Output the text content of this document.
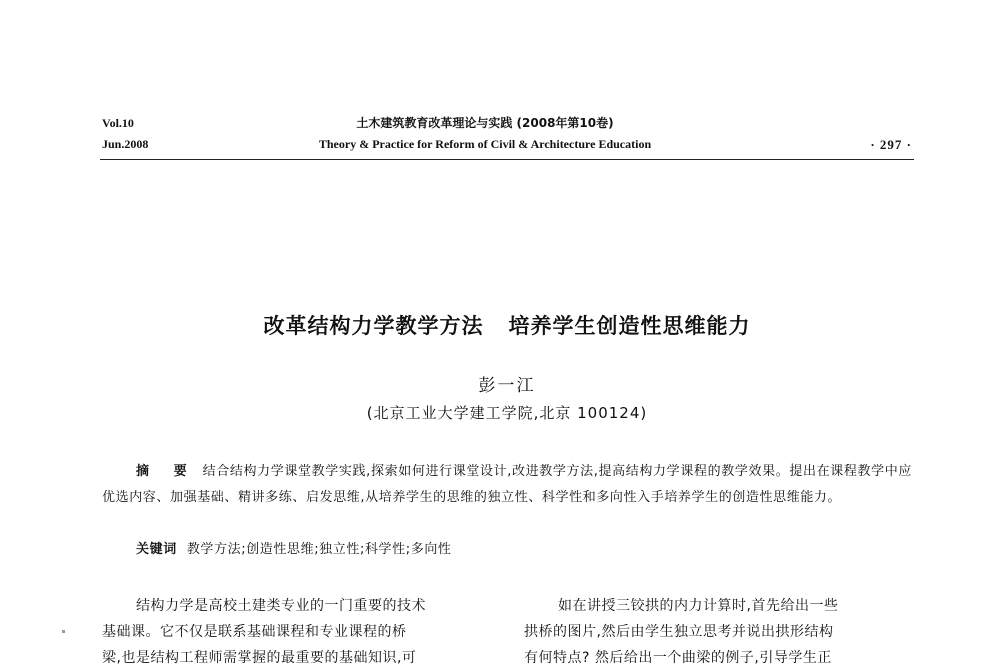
Vol.10
Jun.2008
土木建筑教育改革理论与实践 (2008年第10卷)
Theory & Practice for Reform of Civil & Architecture Education	· 297 ·
改革结构力学教学方法   培养学生创造性思维能力
彭一江
(北京工业大学建工学院,北京 100124)
摘 要 结合结构力学课堂教学实践,探索如何进行课堂设计,改进教学方法,提高结构力学课程的教学效果。提出在课程教学中应优选内容、加强基础、精讲多练、启发思维,从培养学生的思维的独立性、科学性和多向性入手培养学生的创造性思维能力。
关键词 教学方法;创造性思维;独立性;科学性;多向性

结构力学是高校土建类专业的一门重要的技术

基础课。它不仅是联系基础课程和专业课程的桥

梁,也是结构工程师需掌握的最重要的基础知识,可

如在讲授三铰拱的内力计算时,首先给出一些

拱桥的图片,然后由学生独立思考并说出拱形结构

有何特点? 然后给出一个曲梁的例子,引导学生正
